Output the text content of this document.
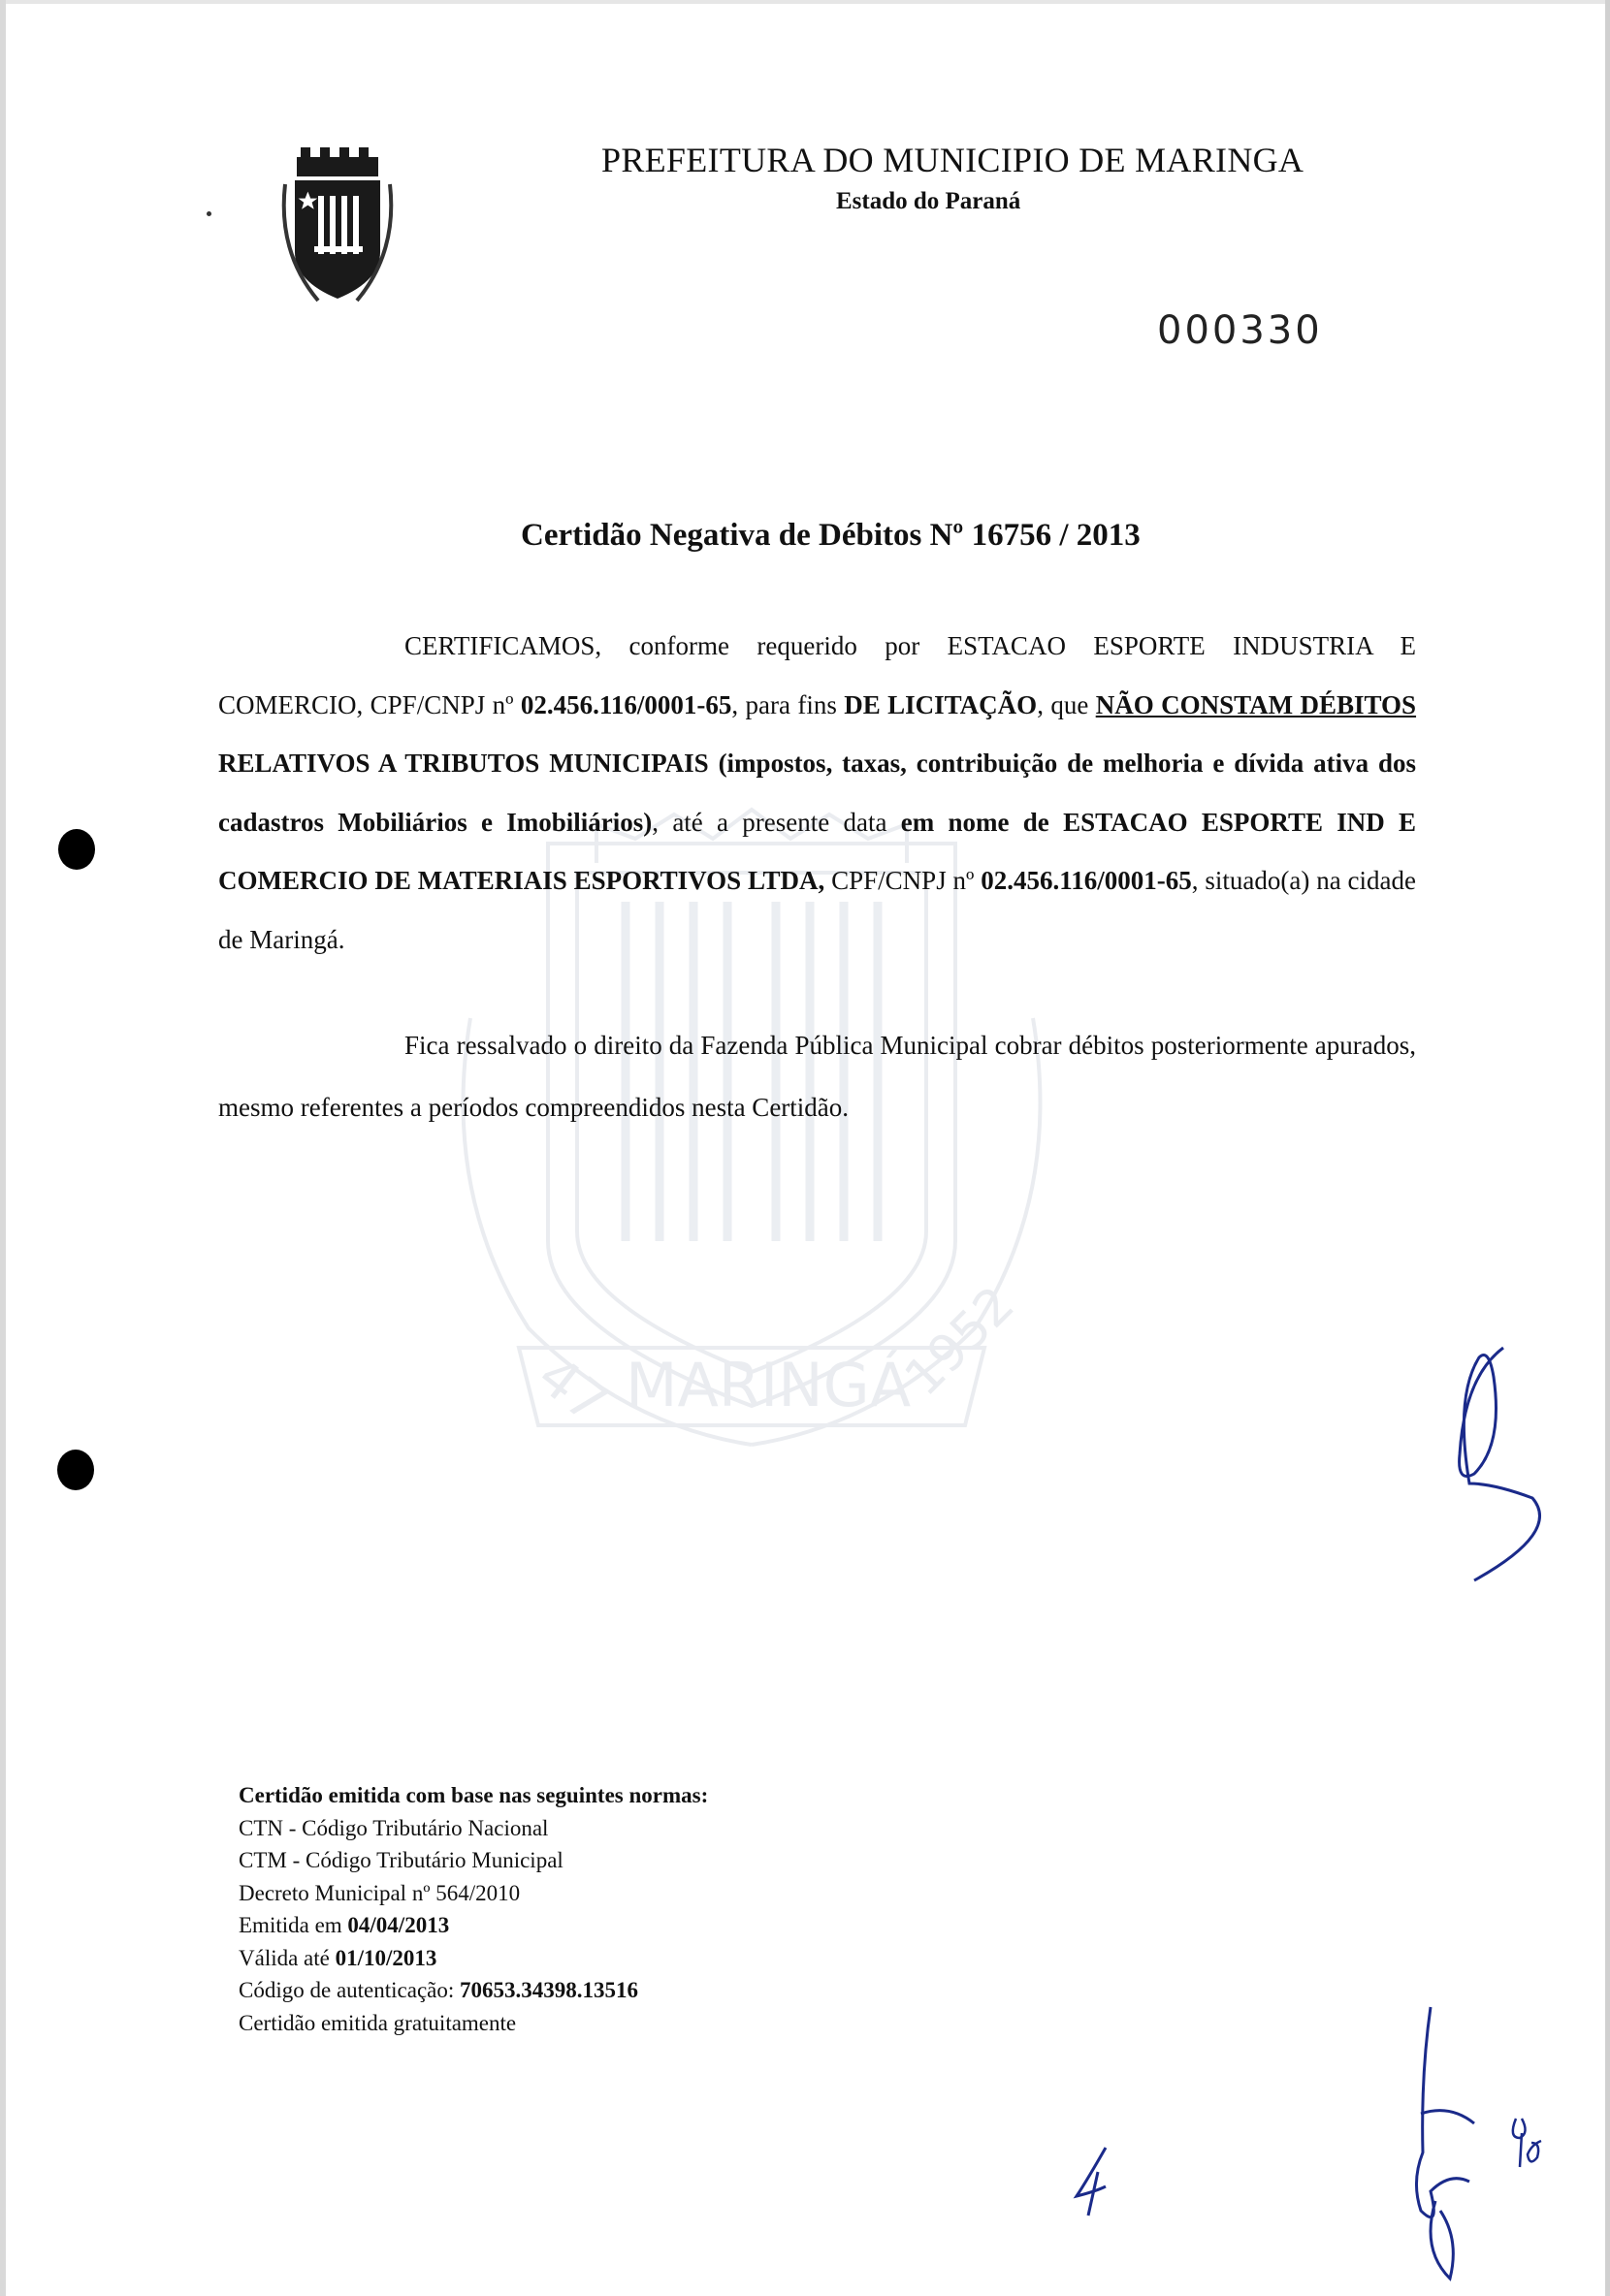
47 MARINGÁ
1952
PREFEITURA DO MUNICIPIO DE MARINGA
Estado do Paraná
000330
Certidão Negativa de Débitos Nº 16756 / 2013
CERTIFICAMOS, conforme requerido por ESTACAO ESPORTE INDUSTRIA E COMERCIO, CPF/CNPJ nº 02.456.116/0001-65, para fins DE LICITAÇÃO, que NÃO CONSTAM DÉBITOS RELATIVOS A TRIBUTOS MUNICIPAIS (impostos, taxas, contribuição de melhoria e dívida ativa dos cadastros Mobiliários e Imobiliários), até a presente data em nome de ESTACAO ESPORTE IND E COMERCIO DE MATERIAIS ESPORTIVOS LTDA, CPF/CNPJ nº 02.456.116/0001-65, situado(a) na cidade de Maringá.
Fica ressalvado o direito da Fazenda Pública Municipal cobrar débitos posteriormente apurados, mesmo referentes a períodos compreendidos nesta Certidão.
Certidão emitida com base nas seguintes normas:
CTN - Código Tributário Nacional
CTM - Código Tributário Municipal
Decreto Municipal nº 564/2010
Emitida em 04/04/2013
Válida até 01/10/2013
Código de autenticação: 70653.34398.13516
Certidão emitida gratuitamente
